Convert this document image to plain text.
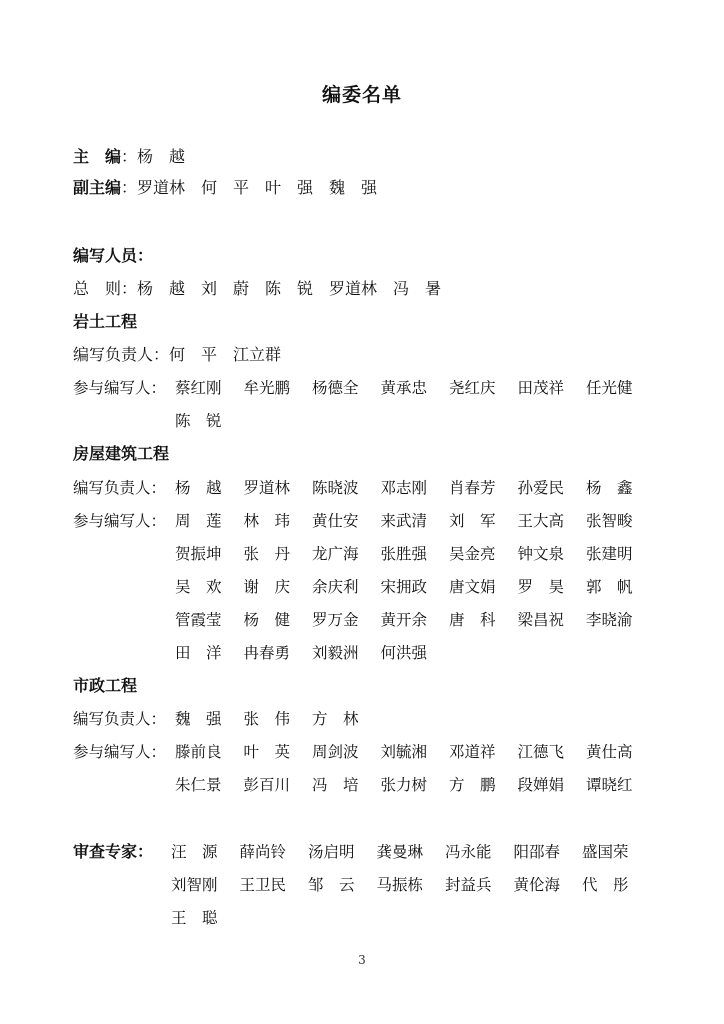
编委名单
主　编：杨　越
副主编：罗道林　何　平　叶　强　魏　强
编写人员：
总　则：杨　越　刘　蔚　陈　锐　罗道林　冯　暑
岩土工程
编写负责人：何　平　江立群
参与编写人： 蔡红刚	牟光鹏	杨德全	黄承忠	尧红庆	田茂祥	任光健
陈　锐
房屋建筑工程
编写负责人： 杨　越	罗道林	陈晓波	邓志刚	肖春芳	孙爱民	杨　鑫
参与编写人： 周　莲	林　玮	黄仕安	来武清	刘　军	王大高	张智畯
贺振坤	张　丹	龙广海	张胜强	吴金亮	钟文泉	张建明
吴　欢	谢　庆	余庆利	宋拥政	唐文娟	罗　昊	郭　帆
管霞莹	杨　健	罗万金	黄开余	唐　科	梁昌祝	李晓渝
田　洋	冉春勇	刘毅洲	何洪强
市政工程
编写负责人： 魏　强	张　伟	方　林
参与编写人： 滕前良	叶　英	周剑波	刘毓湘	邓道祥	江德飞	黄仕高
朱仁景	彭百川	冯　培	张力树	方　鹏	段婵娟	谭晓红
审查专家： 汪　源	薛尚铃	汤启明	龚曼琳	冯永能	阳邵春	盛国荣
刘智刚	王卫民	邹　云	马振栋	封益兵	黄伦海	代　彤
王　聪
3
